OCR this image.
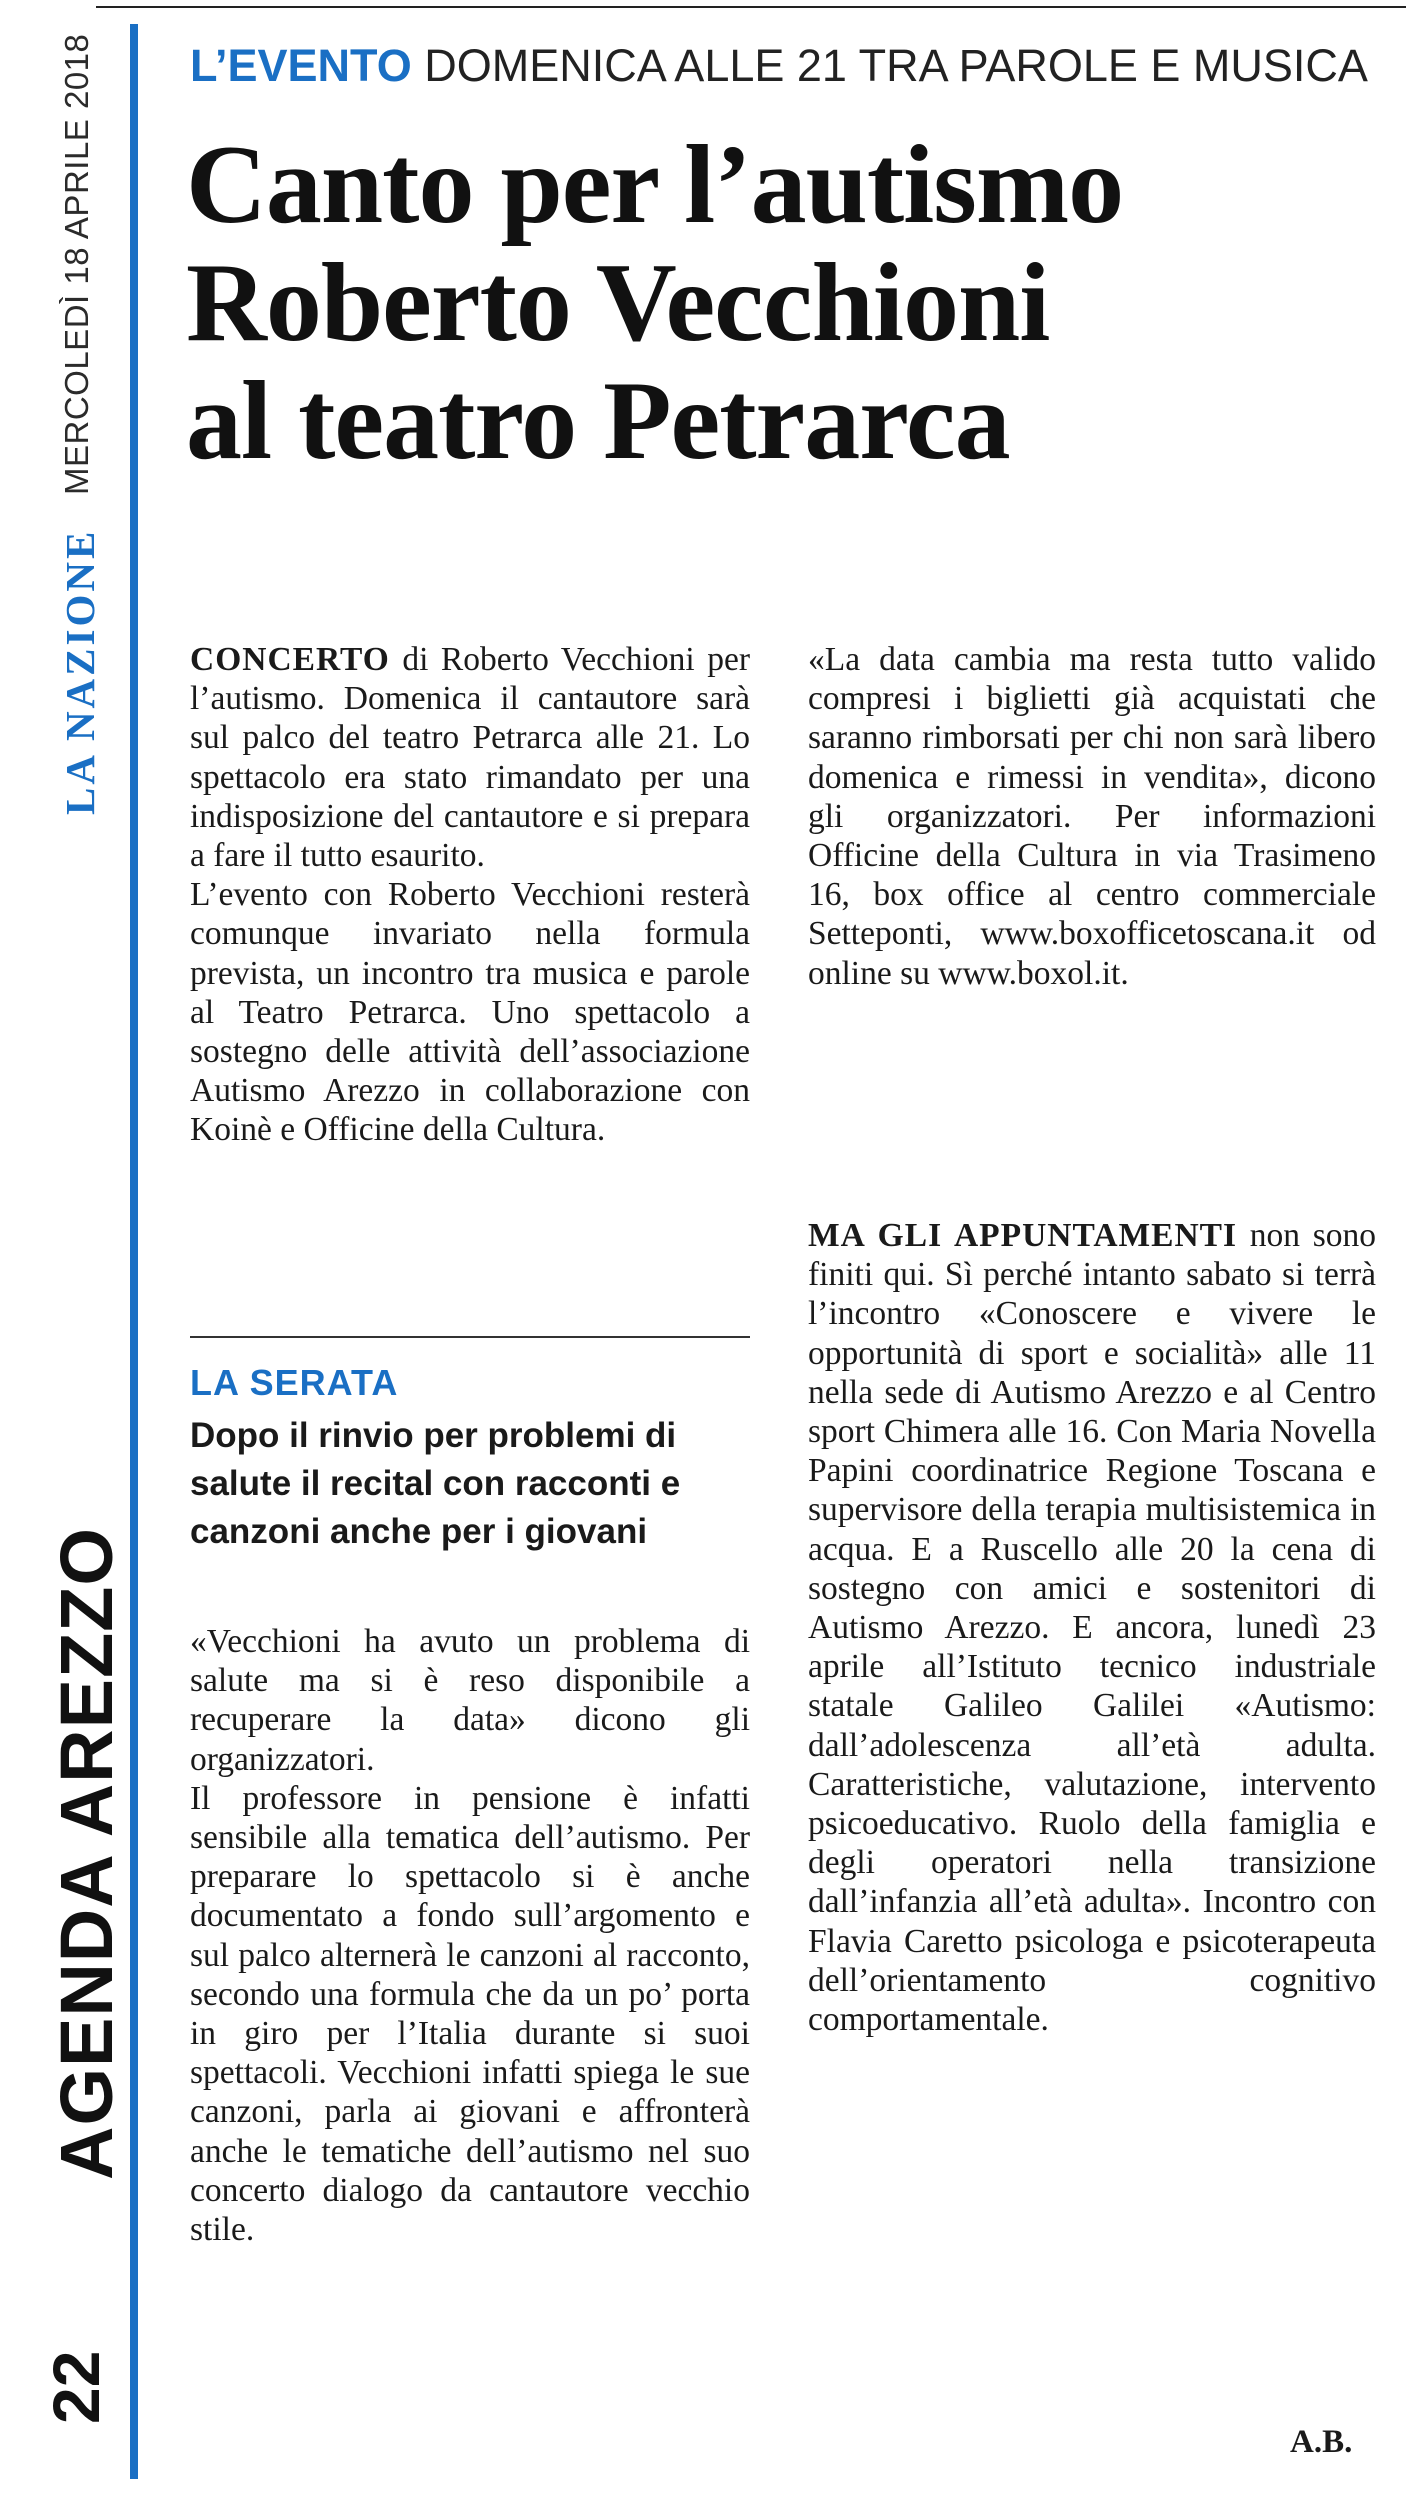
MERCOLEDÌ 18 APRILE 2018
LA NAZIONE
AGENDA AREZZO
22
L’EVENTO DOMENICA ALLE 21 TRA PAROLE E MUSICA
Canto per l’autismo
Roberto Vecchioni
al teatro Petrarca

CONCERTO di Roberto Vecchioni per l’autismo. Domenica il cantautore sarà sul palco del teatro Petrarca alle 21. Lo spettacolo era stato rimandato per una indisposizione del cantautore e si prepara a fare il tutto esaurito.

L’evento con Roberto Vecchioni resterà comunque invariato nella formula prevista, un incontro tra musica e parole al Teatro Petrarca. Uno spettacolo a sostegno delle attività dell’associazione Autismo Arezzo in collaborazione con Koinè e Officine della Cultura.

LA SERATA
Dopo il rinvio per problemi di salute il recital con racconti e canzoni anche per i giovani

«Vecchioni ha avuto un problema di salute ma si è reso disponibile a recuperare la data» dicono gli organizzatori.

Il professore in pensione è infatti sensibile alla tematica dell’autismo. Per preparare lo spettacolo si è anche documentato a fondo sull’argomento e sul palco alternerà le canzoni al racconto, secondo una formula che da un po’ porta in giro per l’Italia durante si suoi spettacoli. Vecchioni infatti spiega le sue canzoni, parla ai giovani e affronterà anche le tematiche dell’autismo nel suo concerto dialogo da cantautore vecchio stile.

«La data cambia ma resta tutto valido compresi i biglietti già acquistati che saranno rimborsati per chi non sarà libero domenica e rimessi in vendita», dicono gli organizzatori. Per informazioni Officine della Cultura in via Trasimeno 16, box office al centro commerciale Setteponti, www.boxofficetoscana.it od online su www.boxol.it.

MA GLI APPUNTAMENTI non sono finiti qui. Sì perché intanto sabato si terrà l’incontro «Conoscere e vivere le opportunità di sport e socialità» alle 11 nella sede di Autismo Arezzo e al Centro sport Chimera alle 16. Con Maria Novella Papini coordinatrice Regione Toscana e supervisore della terapia multisistemica in acqua. E a Ruscello alle 20 la cena di sostegno con amici e sostenitori di Autismo Arezzo. E ancora, lunedì 23 aprile all’Istituto tecnico industriale statale Galileo Galilei «Autismo: dall’adolescenza all’età adulta. Caratteristiche, valutazione, intervento psicoeducativo. Ruolo della famiglia e degli operatori nella transizione dall’infanzia all’età adulta». Incontro con Flavia Caretto psicologa e psicoterapeuta dell’orientamento cognitivo comportamentale.

A.B.
